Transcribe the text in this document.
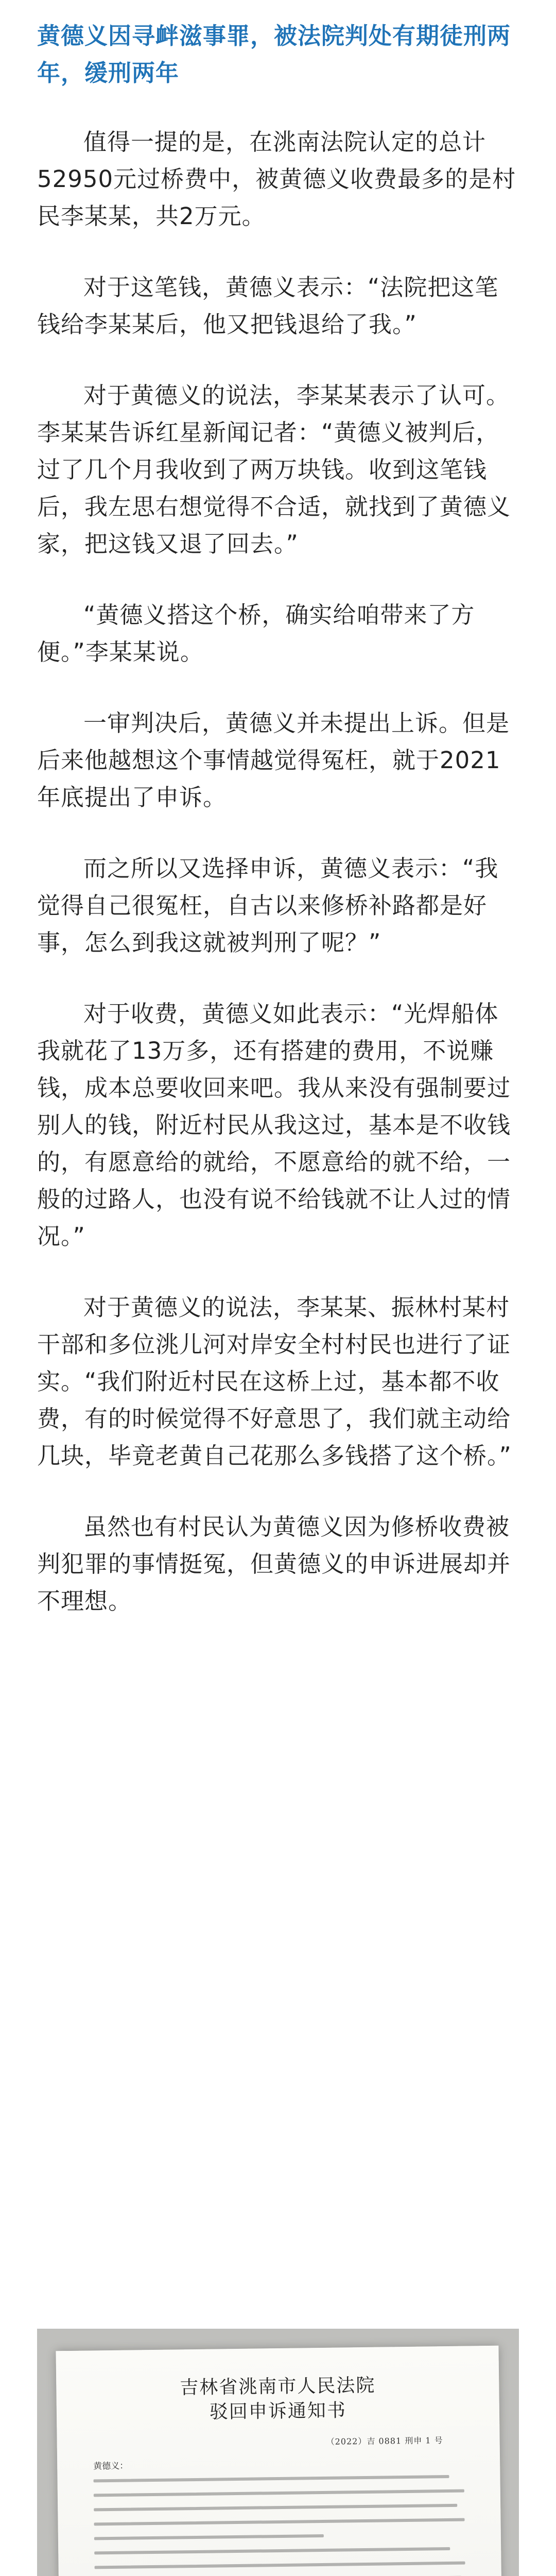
黄德义因寻衅滋事罪，被法院判处有期徒刑两年，缓刑两年

值得一提的是，在洮南法院认定的总计52950元过桥费中，被黄德义收费最多的是村民李某某，共2万元。

对于这笔钱，黄德义表示：“法院把这笔钱给李某某后，他又把钱退给了我。”

对于黄德义的说法，李某某表示了认可。李某某告诉红星新闻记者：“黄德义被判后，过了几个月我收到了两万块钱。收到这笔钱后，我左思右想觉得不合适，就找到了黄德义家，把这钱又退了回去。”

“黄德义搭这个桥，确实给咱带来了方便。”李某某说。

一审判决后，黄德义并未提出上诉。但是后来他越想这个事情越觉得冤枉，就于2021年底提出了申诉。

而之所以又选择申诉，黄德义表示：“我觉得自己很冤枉，自古以来修桥补路都是好事，怎么到我这就被判刑了呢？”

对于收费，黄德义如此表示：“光焊船体我就花了13万多，还有搭建的费用，不说赚钱，成本总要收回来吧。我从来没有强制要过别人的钱，附近村民从我这过，基本是不收钱的，有愿意给的就给，不愿意给的就不给，一般的过路人，也没有说不给钱就不让人过的情况。”

对于黄德义的说法，李某某、振林村某村干部和多位洮儿河对岸安全村村民也进行了证实。“我们附近村民在这桥上过，基本都不收费，有的时候觉得不好意思了，我们就主动给几块，毕竟老黄自己花那么多钱搭了这个桥。”

虽然也有村民认为黄德义因为修桥收费被判犯罪的事情挺冤，但黄德义的申诉进展却并不理想。

吉林省洮南市人民法院
驳回申诉通知书
（2022）吉 0881 刑申 1 号
黄德义：
